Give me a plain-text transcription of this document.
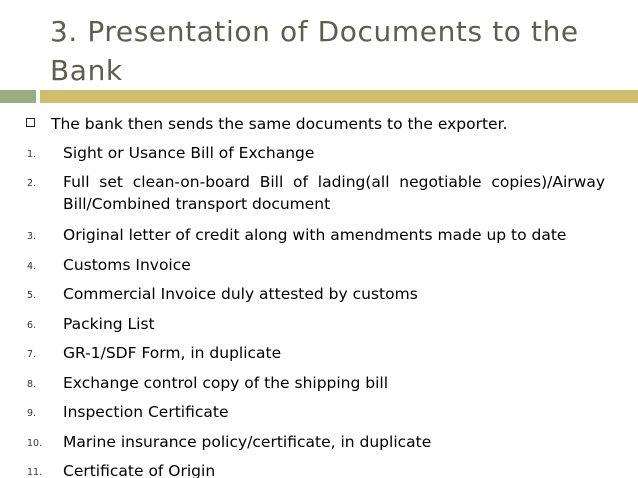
3. Presentation of Documents to the Bank
The bank then sends the same documents to the exporter.
1. Sight or Usance Bill of Exchange
2. Full set clean-on-board Bill of lading(all negotiable copies)/Airway Bill/Combined transport document
3. Original letter of credit along with amendments made up to date
4. Customs Invoice
5. Commercial Invoice duly attested by customs
6. Packing List
7. GR-1/SDF Form, in duplicate
8. Exchange control copy of the shipping bill
9. Inspection Certificate
10. Marine insurance policy/certificate, in duplicate
11. Certificate of Origin
